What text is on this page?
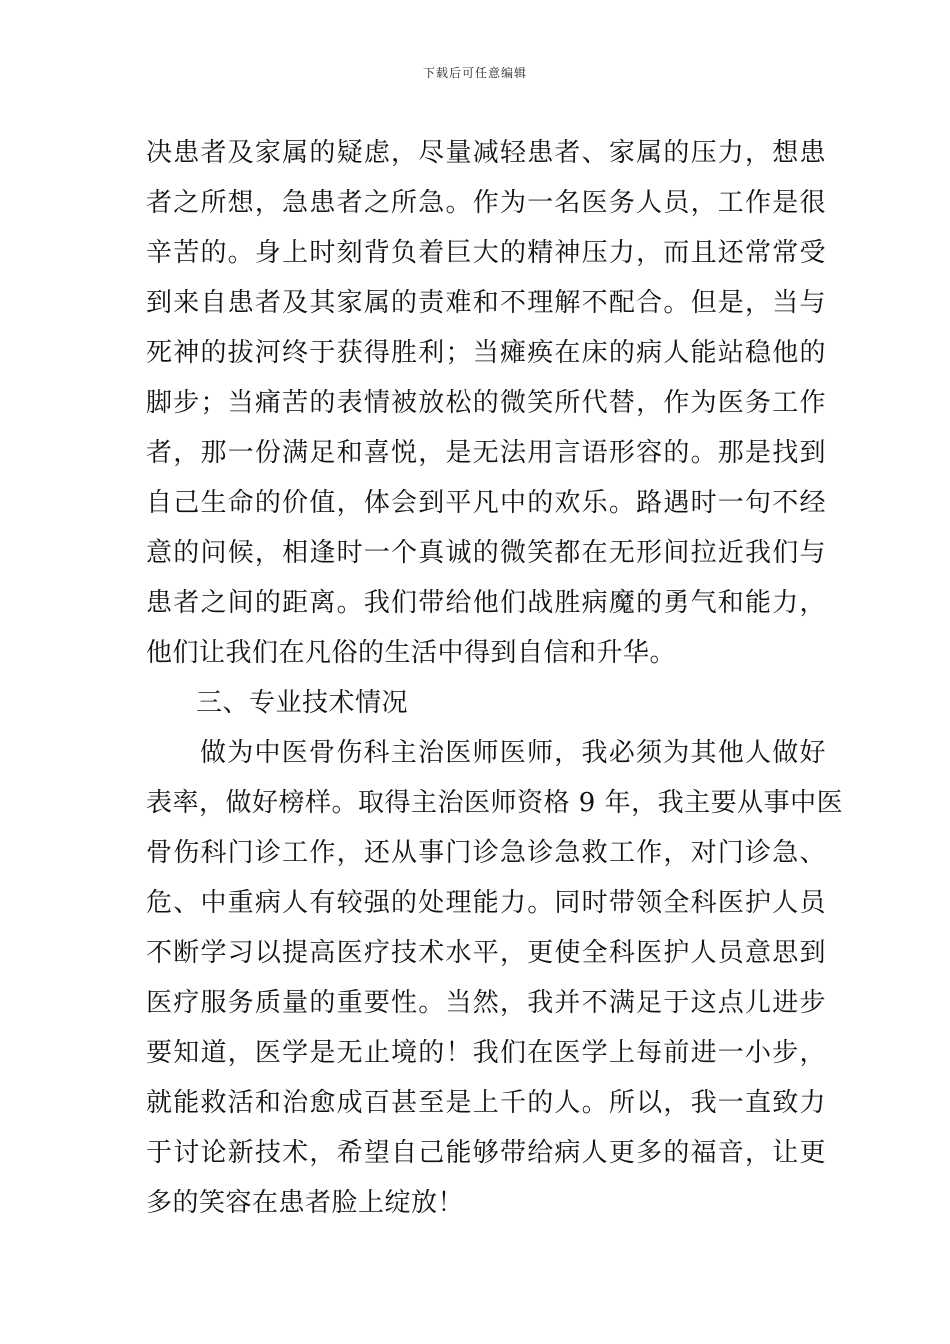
下载后可任意编辑
决患者及家属的疑虑，尽量减轻患者、家属的压力，想患
者之所想，急患者之所急。作为一名医务人员，工作是很
辛苦的。身上时刻背负着巨大的精神压力，而且还常常受
到来自患者及其家属的责难和不理解不配合。但是，当与
死神的拔河终于获得胜利；当瘫痪在床的病人能站稳他的
脚步；当痛苦的表情被放松的微笑所代替，作为医务工作
者，那一份满足和喜悦，是无法用言语形容的。那是找到
自己生命的价值，体会到平凡中的欢乐。路遇时一句不经
意的问候，相逢时一个真诚的微笑都在无形间拉近我们与
患者之间的距离。我们带给他们战胜病魔的勇气和能力，
他们让我们在凡俗的生活中得到自信和升华。
三、专业技术情况
做为中医骨伤科主治医师医师，我必须为其他人做好
表率，做好榜样。取得主治医师资格 9 年，我主要从事中医
骨伤科门诊工作，还从事门诊急诊急救工作，对门诊急、
危、中重病人有较强的处理能力。同时带领全科医护人员
不断学习以提高医疗技术水平，更使全科医护人员意思到
医疗服务质量的重要性。当然，我并不满足于这点儿进步
要知道，医学是无止境的！我们在医学上每前进一小步，
就能救活和治愈成百甚至是上千的人。所以，我一直致力
于讨论新技术，希望自己能够带给病人更多的福音，让更
多的笑容在患者脸上绽放！
